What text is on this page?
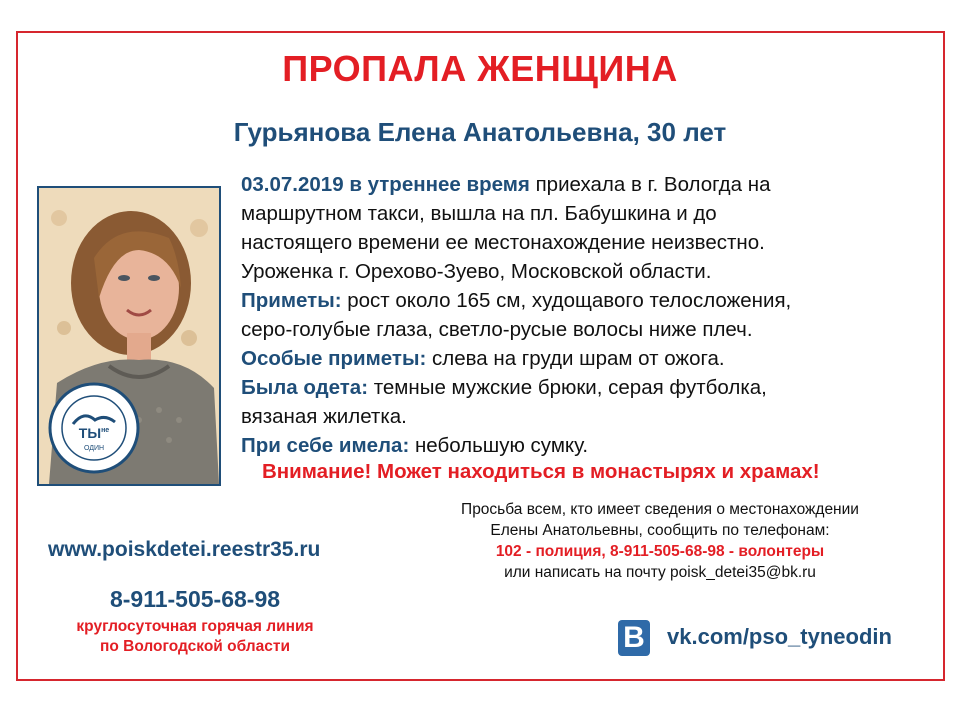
ПРОПАЛА ЖЕНЩИНА
Гурьянова Елена Анатольевна, 30 лет
$ТЫ^{не}$
ОДИН
03.07.2019 в утреннее время приехала в г. Вологда на
маршрутном такси, вышла на пл. Бабушкина и до
настоящего времени ее местонахождение неизвестно.
Уроженка г. Орехово-Зуево, Московской области.
Приметы: рост около 165 см, худощавого телосложения,
серо-голубые глаза, светло-русые волосы ниже плеч.
Особые приметы: слева на груди шрам от ожога.
Была одета: темные мужские брюки, серая футболка,
вязаная жилетка.
При себе имела: небольшую сумку.
Внимание! Может находиться в монастырях и храмах!
Просьба всем, кто имеет сведения о местонахождении
Елены Анатольевны, сообщить по телефонам:
102 - полиция, 8-911-505-68-98 - волонтеры
или написать на почту poisk_detei35@bk.ru
www.poiskdetei.reestr35.ru
8-911-505-68-98
круглосуточная горячая линия
по Вологодской области	В vk.com/pso_tyneodin
